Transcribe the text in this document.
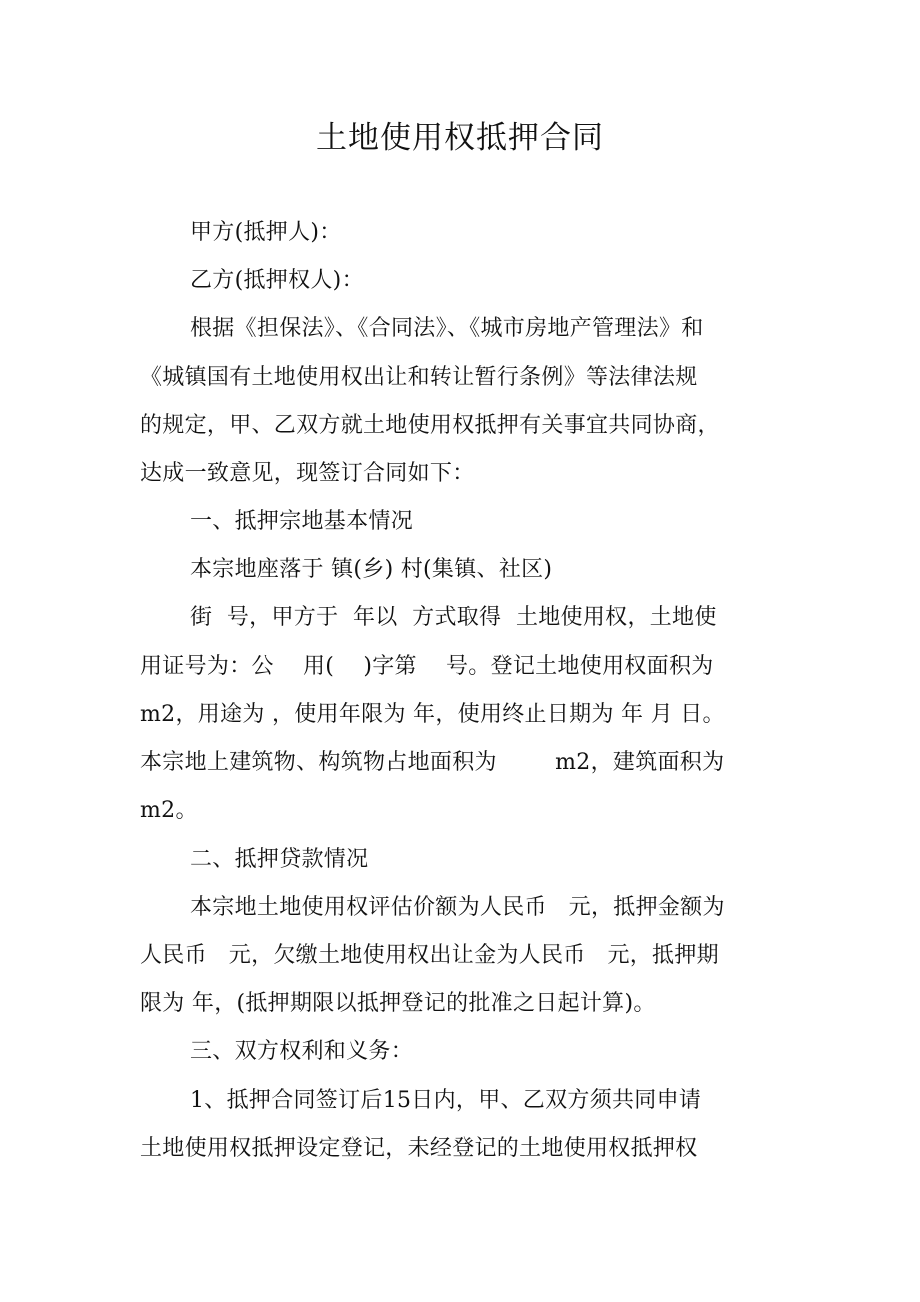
土地使用权抵押合同
甲方(抵押人)：
乙方(抵押权人)：
根据《担保法》、《合同法》、《城市房地产管理法》和
《城镇国有土地使用权出让和转让暂行条例》等法律法规
的规定，甲、乙双方就土地使用权抵押有关事宜共同协商，
达成一致意见，现签订合同如下：
一、抵押宗地基本情况
本宗地座落于 镇(乡) 村(集镇、社区)
街  号，甲方于  年以  方式取得  土地使用权，土地使
用证号为：公    用(    )字第    号。登记土地使用权面积为
m2，用途为 ，使用年限为 年，使用终止日期为 年 月 日。
本宗地上建筑物、构筑物占地面积为        m2，建筑面积为
m2。
二、抵押贷款情况
本宗地土地使用权评估价额为人民币   元，抵押金额为
人民币   元，欠缴土地使用权出让金为人民币   元，抵押期
限为 年，(抵押期限以抵押登记的批准之日起计算)。
三、双方权利和义务：
1、抵押合同签订后15日内，甲、乙双方须共同申请
土地使用权抵押设定登记，未经登记的土地使用权抵押权
